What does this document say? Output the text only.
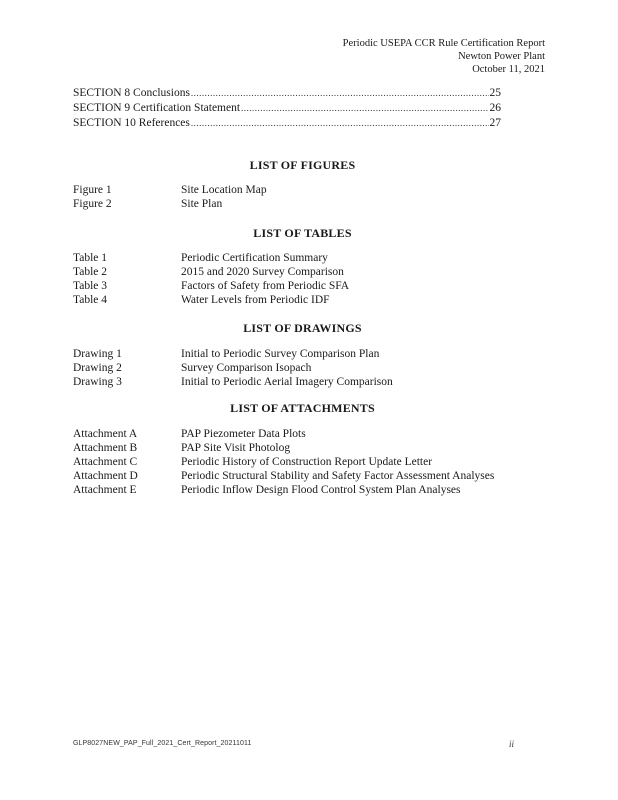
Periodic USEPA CCR Rule Certification Report
Newton Power Plant
October 11, 2021
SECTION 8 Conclusions .....	25
SECTION 9 Certification Statement .....	26
SECTION 10 References .....	27
LIST OF FIGURES
Figure 1	Site Location Map
Figure 2	Site Plan
LIST OF TABLES
Table 1	Periodic Certification Summary
Table 2	2015 and 2020 Survey Comparison
Table 3	Factors of Safety from Periodic SFA
Table 4	Water Levels from Periodic IDF
LIST OF DRAWINGS
Drawing 1	Initial to Periodic Survey Comparison Plan
Drawing 2	Survey Comparison Isopach
Drawing 3	Initial to Periodic Aerial Imagery Comparison
LIST OF ATTACHMENTS
Attachment A	PAP Piezometer Data Plots
Attachment B	PAP Site Visit Photolog
Attachment C	Periodic History of Construction Report Update Letter
Attachment D	Periodic Structural Stability and Safety Factor Assessment Analyses
Attachment E	Periodic Inflow Design Flood Control System Plan Analyses
GLP8027NEW_PAP_Full_2021_Cert_Report_20211011	ii
